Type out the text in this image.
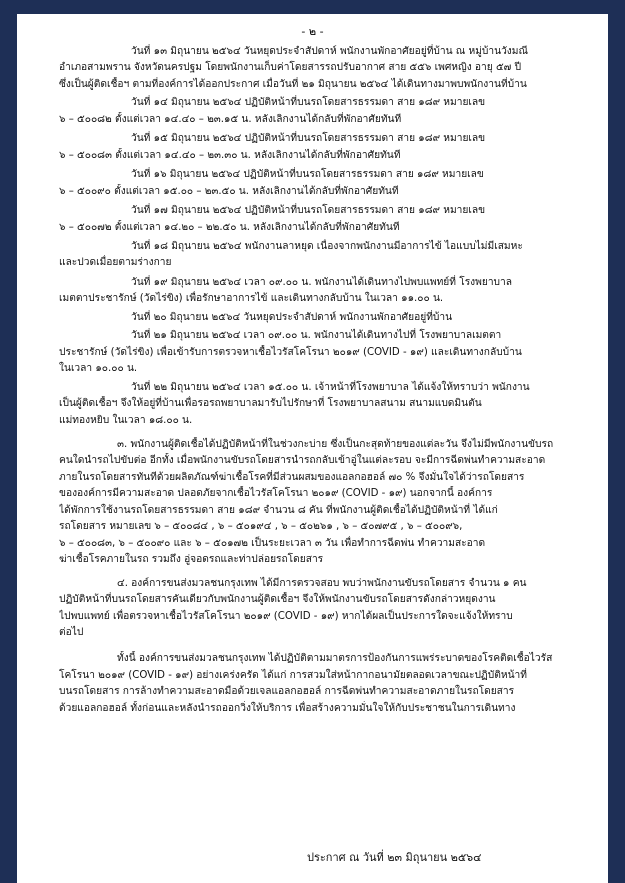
- ๒ -
วันที่ ๑๓ มิถุนายน ๒๕๖๔ วันหยุดประจำสัปดาห์ พนักงานพักอาศัยอยู่ที่บ้าน ณ หมู่บ้านวังมณี
อำเภอสามพราน จังหวัดนครปฐม โดยพนักงานเก็บค่าโดยสารรถปรับอากาศ สาย ๕๕๖ เพศหญิง อายุ ๕๗ ปี
ซึ่งเป็นผู้ติดเชื้อฯ ตามที่องค์การได้ออกประกาศ เมื่อวันที่ ๒๑ มิถุนายน ๒๕๖๔ ได้เดินทางมาพบพนักงานที่บ้าน
วันที่ ๑๔ มิถุนายน ๒๕๖๔ ปฏิบัติหน้าที่บนรถโดยสารธรรมดา สาย ๑๘๙ หมายเลข
๖ – ๕๐๐๘๒ ตั้งแต่เวลา ๑๔.๔๐ – ๒๓.๑๕ น. หลังเลิกงานได้กลับที่พักอาศัยทันที
วันที่ ๑๕ มิถุนายน ๒๕๖๔ ปฏิบัติหน้าที่บนรถโดยสารธรรมดา สาย ๑๘๙ หมายเลข
๖ – ๕๐๐๘๓ ตั้งแต่เวลา ๑๔.๔๐ – ๒๓.๓๐ น. หลังเลิกงานได้กลับที่พักอาศัยทันที
วันที่ ๑๖ มิถุนายน ๒๕๖๔ ปฏิบัติหน้าที่บนรถโดยสารธรรมดา สาย ๑๘๙ หมายเลข
๖ – ๕๐๐๙๐ ตั้งแต่เวลา ๑๕.๐๐ – ๒๓.๕๐ น. หลังเลิกงานได้กลับที่พักอาศัยทันที
วันที่ ๑๗ มิถุนายน ๒๕๖๔ ปฏิบัติหน้าที่บนรถโดยสารธรรมดา สาย ๑๘๙ หมายเลข
๖ – ๕๐๐๗๒ ตั้งแต่เวลา ๑๔.๒๐ – ๒๒.๕๐ น. หลังเลิกงานได้กลับที่พักอาศัยทันที
วันที่ ๑๘ มิถุนายน ๒๕๖๔ พนักงานลาหยุด เนื่องจากพนักงานมีอาการไข้ ไอแบบไม่มีเสมหะ
และปวดเมื่อยตามร่างกาย
วันที่ ๑๙ มิถุนายน ๒๕๖๔ เวลา ๐๙.๐๐ น. พนักงานได้เดินทางไปพบแพทย์ที่ โรงพยาบาล
เมตตาประชารักษ์ (วัดไร่ขิง) เพื่อรักษาอาการไข้ และเดินทางกลับบ้าน ในเวลา ๑๑.๐๐ น.
วันที่ ๒๐ มิถุนายน ๒๕๖๔ วันหยุดประจำสัปดาห์ พนักงานพักอาศัยอยู่ที่บ้าน
วันที่ ๒๑ มิถุนายน ๒๕๖๔ เวลา ๐๙.๐๐ น. พนักงานได้เดินทางไปที่ โรงพยาบาลเมตตา
ประชารักษ์ (วัดไร่ขิง) เพื่อเข้ารับการตรวจหาเชื้อไวรัสโคโรนา ๒๐๑๙ (COVID - ๑๙) และเดินทางกลับบ้าน
ในเวลา ๑๐.๐๐ น.
วันที่ ๒๒ มิถุนายน ๒๕๖๔ เวลา ๑๕.๐๐ น. เจ้าหน้าที่โรงพยาบาล ได้แจ้งให้ทราบว่า พนักงาน
เป็นผู้ติดเชื้อฯ จึงให้อยู่ที่บ้านเพื่อรอรถพยาบาลมารับไปรักษาที่ โรงพยาบาลสนาม สนามแบดมินตัน
แม่ทองหยิบ ในเวลา ๑๘.๐๐ น.
๓. พนักงานผู้ติดเชื้อได้ปฏิบัติหน้าที่ในช่วงกะบ่าย ซึ่งเป็นกะสุดท้ายของแต่ละวัน จึงไม่มีพนักงานขับรถ
คนใดนำรถไปขับต่อ อีกทั้ง เมื่อพนักงานขับรถโดยสารนำรถกลับเข้าอู่ในแต่ละรอบ จะมีการฉีดพ่นทำความสะอาด
ภายในรถโดยสารทันทีด้วยผลิตภัณฑ์ฆ่าเชื้อโรคที่มีส่วนผสมของแอลกอฮอล์ ๗๐ % จึงมั่นใจได้ว่ารถโดยสาร
ขององค์การมีความสะอาด ปลอดภัยจากเชื้อไวรัสโคโรนา ๒๐๑๙ (COVID - ๑๙) นอกจากนี้ องค์การ
ได้พักการใช้งานรถโดยสารธรรมดา สาย ๑๘๙ จำนวน ๘ คัน ที่พนักงานผู้ติดเชื้อได้ปฏิบัติหน้าที่ ได้แก่
รถโดยสาร หมายเลข ๖ – ๕๐๐๘๔ , ๖ – ๕๐๑๙๔ , ๖ – ๕๐๒๖๑ , ๖ – ๕๐๗๙๕ , ๖ – ๕๐๐๙๖,
๖ – ๕๐๐๘๓, ๖ – ๕๐๐๙๐ และ ๖ – ๕๐๑๗๒ เป็นระยะเวลา ๓ วัน เพื่อทำการฉีดพ่น ทำความสะอาด
ฆ่าเชื้อโรคภายในรถ รวมถึง อู่จอดรถและท่าปล่อยรถโดยสาร
๔. องค์การขนส่งมวลชนกรุงเทพ ได้มีการตรวจสอบ พบว่าพนักงานขับรถโดยสาร จำนวน ๑ คน
ปฏิบัติหน้าที่บนรถโดยสารคันเดียวกับพนักงานผู้ติดเชื้อฯ จึงให้พนักงานขับรถโดยสารดังกล่าวหยุดงาน
ไปพบแพทย์ เพื่อตรวจหาเชื้อไวรัสโคโรนา ๒๐๑๙ (COVID - ๑๙) หากได้ผลเป็นประการใดจะแจ้งให้ทราบ
ต่อไป
ทั้งนี้ องค์การขนส่งมวลชนกรุงเทพ ได้ปฏิบัติตามมาตรการป้องกันการแพร่ระบาดของโรคติดเชื้อไวรัส
โคโรนา ๒๐๑๙ (COVID - ๑๙) อย่างเคร่งครัด ได้แก่ การสวมใส่หน้ากากอนามัยตลอดเวลาขณะปฏิบัติหน้าที่
บนรถโดยสาร การล้างทำความสะอาดมือด้วยเจลแอลกอฮอล์ การฉีดพ่นทำความสะอาดภายในรถโดยสาร
ด้วยแอลกอฮอล์ ทั้งก่อนและหลังนำรถออกวิ่งให้บริการ เพื่อสร้างความมั่นใจให้กับประชาชนในการเดินทาง
ประกาศ ณ วันที่ ๒๓ มิถุนายน ๒๕๖๔
